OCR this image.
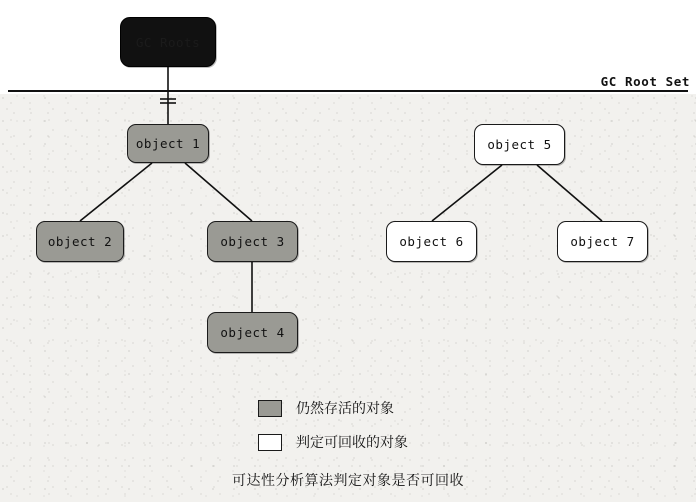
GC Roots
object 1
object 2	object 3
object 4
object 5
object 6	object 7
GC Root Set
仍然存活的对象
判定可回收的对象
可达性分析算法判定对象是否可回收
